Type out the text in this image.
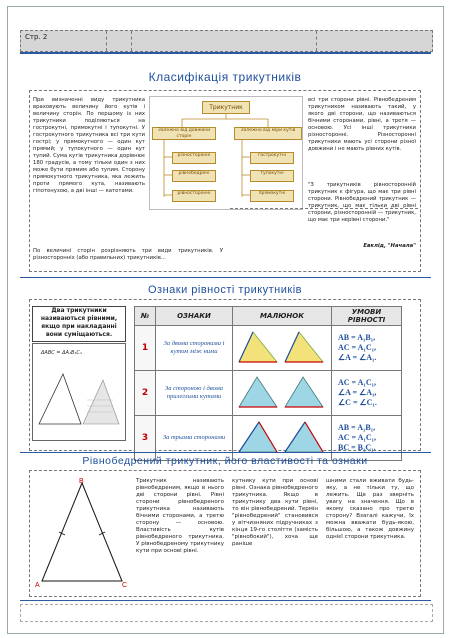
Стр. 2
Класифікація трикутників
При визначенні виду трикутника враховують величину його кутів і величину сторін. По першому із них трикутники поділяються на гострокутні, прямокутні і тупокутні. У гострокутного трикутника всі три кути гострі; у прямокутного — один кут прямий; у тупокутного — один кут тупий. Сума кутів трикутника дорівнює 180 градусів, а тому тільки один з них може бути прямим або тупим. Сторону прямокутного трикутника, яка лежить проти прямого кута, називають гіпотенузою, а дві інші — катетами.
По величині сторін розрізняють три види трикутників. У різносторонніх (або правильних) трикутників...
Трикутник
Залежно від довжини сторін
Залежно від міри кутів
різносторонні
рівнобедрені
рівносторонні
гострокутні
тупокутні
прямокутні
всі три сторони рівні. Рівнобедреним трикутником називають такий, у якого дві сторони, що називаються бічними сторонами, рівні, а третя — основою. Усі інші трикутники різносторонні. Різносторонні трикутники мають усі сторони різної довжини і не мають рівних кутів.
"З трикутників рівносторонній трикутник є фігура, що має три рівні сторони. Рівнобедрений трикутник — трикутник, що має тільки дві рівні сторони, різносторонній — трикутник, що має три нерівні сторони."
Евклід, "Начала"
Ознаки рівності трикутників
Два трикутники називаються рівними, якщо при накладанні вони суміщаються.
ΔABC = ΔA₁B₁C₁
№	ОЗНАКИ	МАЛЮНОК	УМОВИ РІВНОСТІ
1	За двома сторонами і кутом між ними		AB = A₁B₁,
AC = A₁C₁,
∠A = ∠A₁.

2	За стороною і двома прилеглими кутами		AC = A₁C₁,
∠A = ∠A₁,
∠C = ∠C₁.

3	За трьома сторонами		AB = A₁B₁,
AC = A₁C₁,
BC = B₁C₁.
Рівнобедрений трикутник, його властивості та ознаки
B
A	C
Трикутник називають рівнобедреним, якщо в нього дві сторони рівні. Рівні сторони рівнобедреного трикутника називають бічними сторонами, а третю сторону — основою. Властивість кутів рівнобедреного трикутника. У рівнобедреному трикутнику кути при основі рівні.
кутнику кути при основі рівні. Ознака рівнобедреного трикутника. Якщо в трикутнику два кути рівні, то він рівнобедрений. Термін "рівнобедрений" становився у вітчизняних підручниках з кінця 19-го століття (замість "рівнобокий"), хоча ще раніше
шними стали вживати будь-яку, а не тільки ту, що лежить. Ще раз зверніть увагу на значення. Що в якому сказано про третю сторону? Взагалі кажучи, їх можна вважати будь-якою, більшою, а також довжину однієї сторони трикутника.
